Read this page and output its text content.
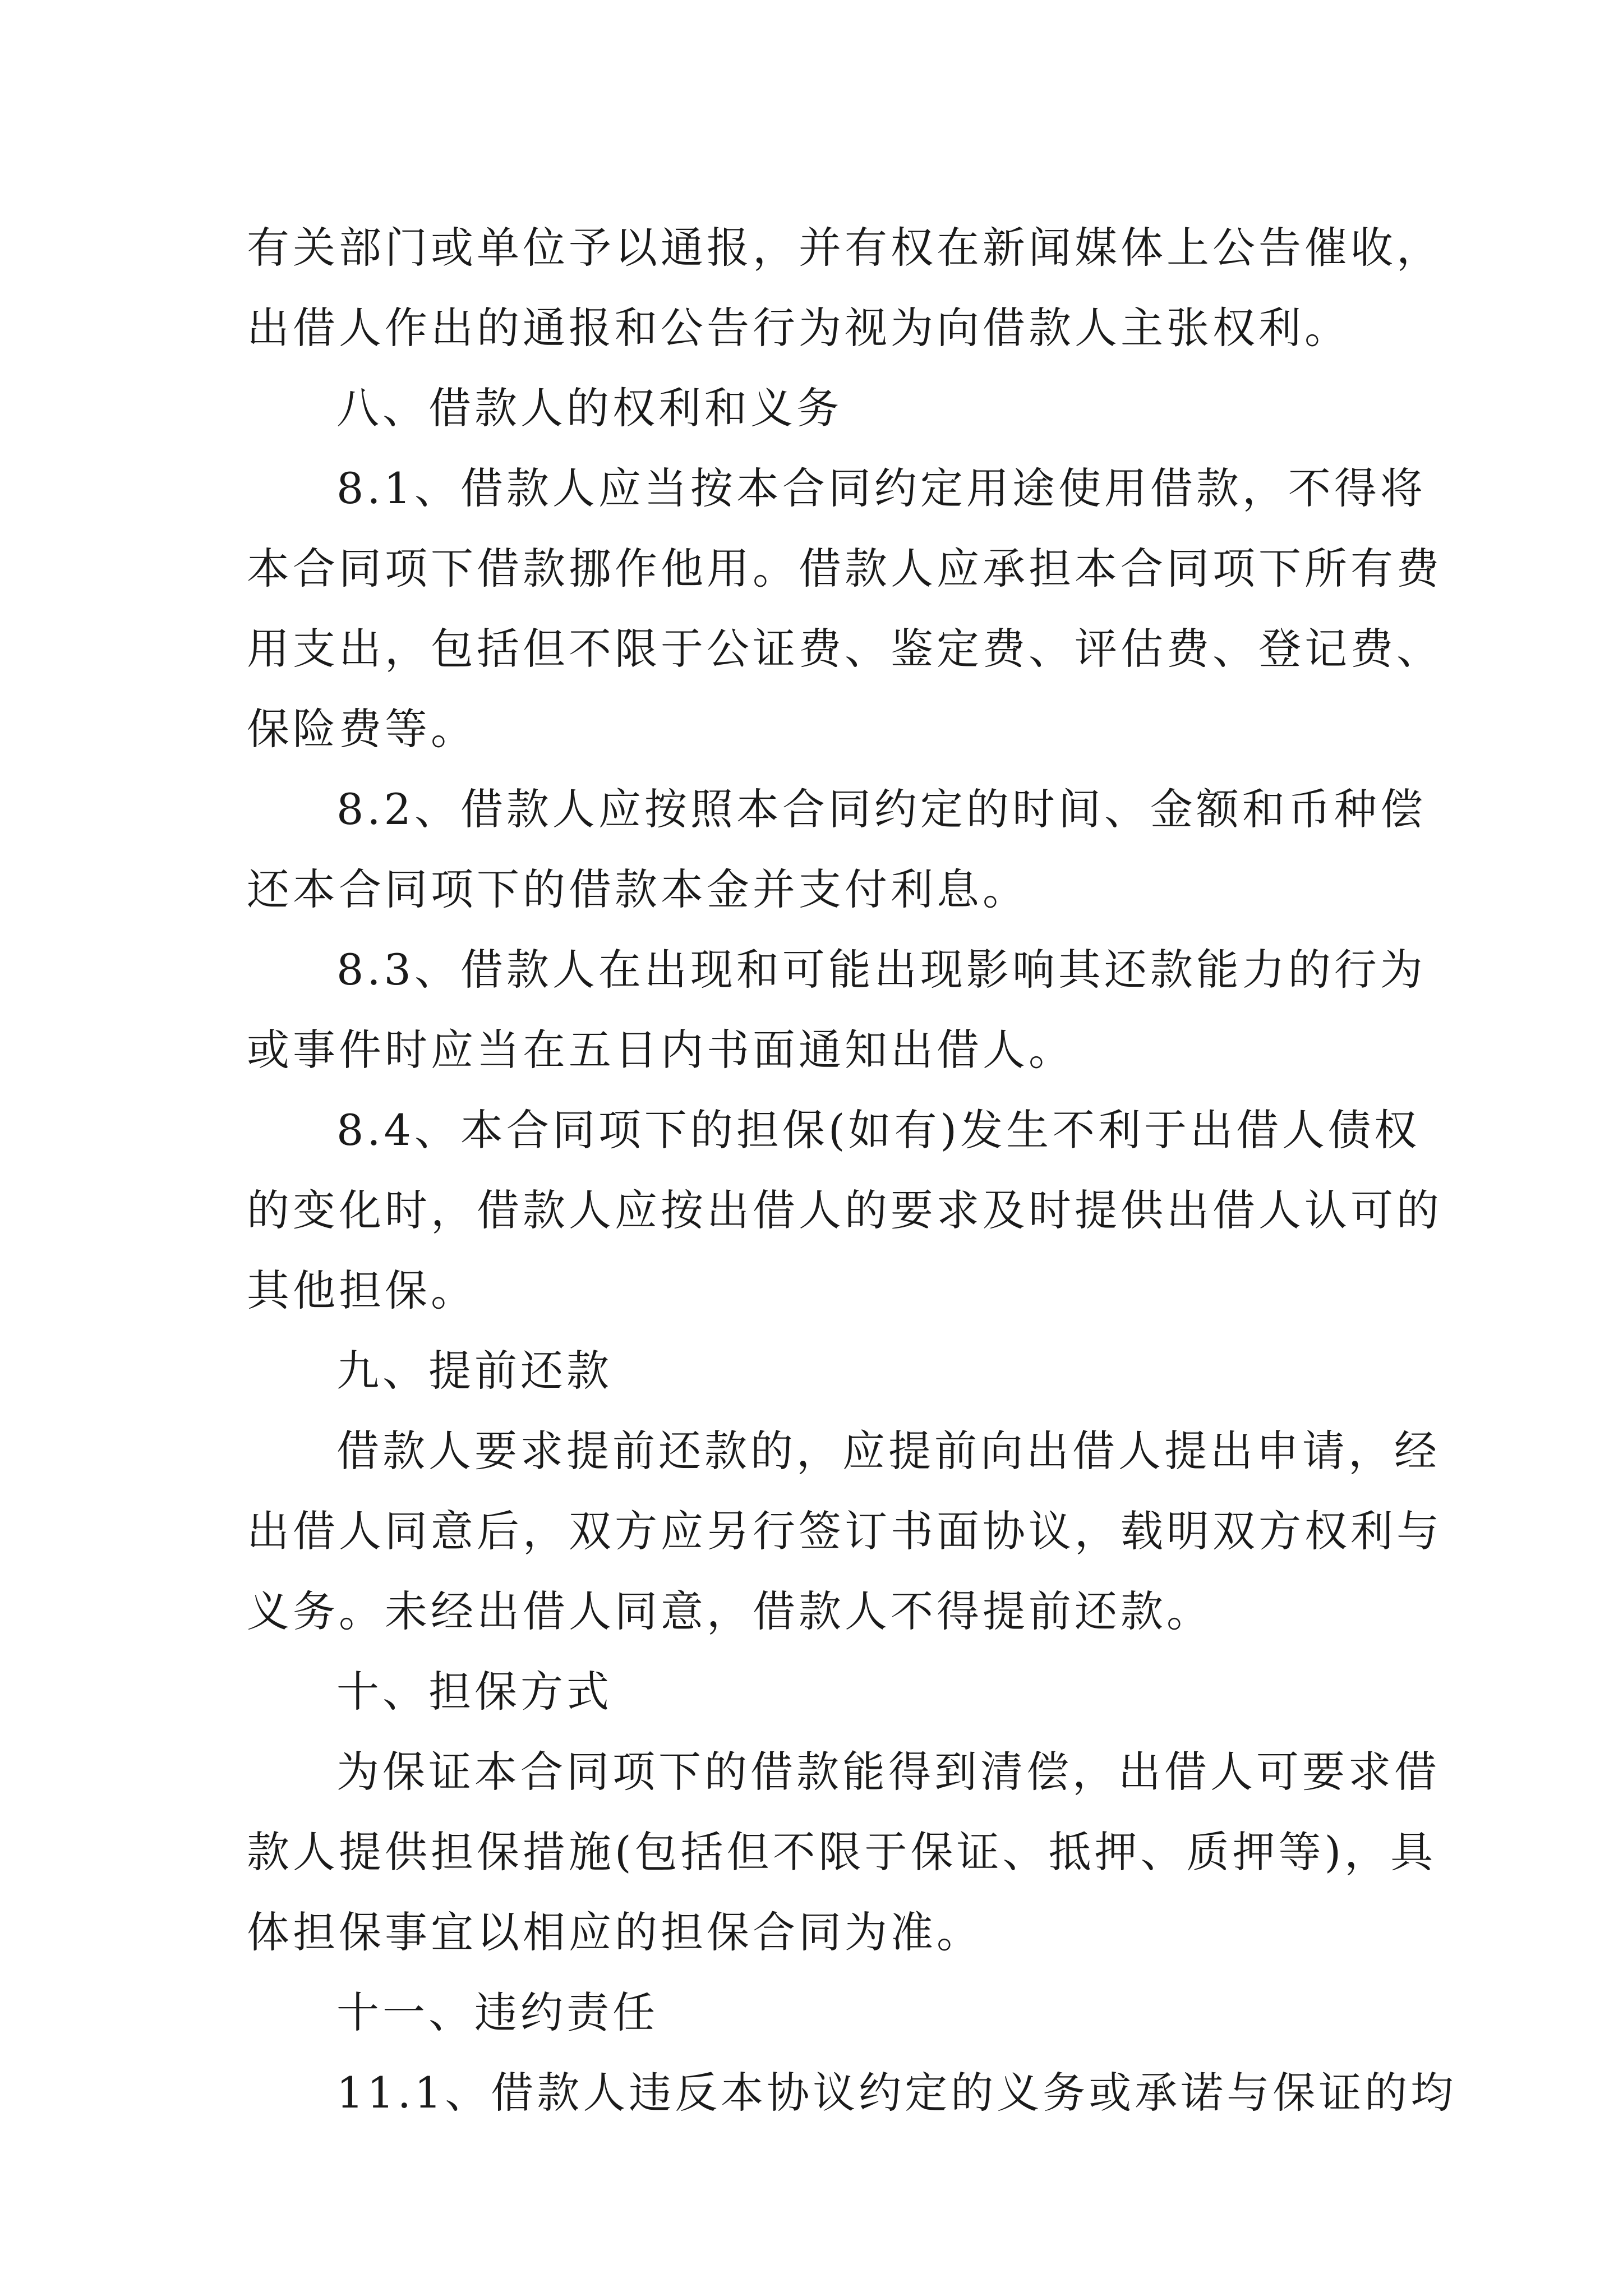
有关部门或单位予以通报，并有权在新闻媒体上公告催收，
出借人作出的通报和公告行为视为向借款人主张权利。
八、借款人的权利和义务
8.1、借款人应当按本合同约定用途使用借款，不得将
本合同项下借款挪作他用。借款人应承担本合同项下所有费
用支出，包括但不限于公证费、鉴定费、评估费、登记费、
保险费等。
8.2、借款人应按照本合同约定的时间、金额和币种偿
还本合同项下的借款本金并支付利息。
8.3、借款人在出现和可能出现影响其还款能力的行为
或事件时应当在五日内书面通知出借人。
8.4、本合同项下的担保(如有)发生不利于出借人债权
的变化时，借款人应按出借人的要求及时提供出借人认可的
其他担保。
九、提前还款
借款人要求提前还款的，应提前向出借人提出申请，经
出借人同意后，双方应另行签订书面协议，载明双方权利与
义务。未经出借人同意，借款人不得提前还款。
十、担保方式
为保证本合同项下的借款能得到清偿，出借人可要求借
款人提供担保措施(包括但不限于保证、抵押、质押等)，具
体担保事宜以相应的担保合同为准。
十一、违约责任
11.1、借款人违反本协议约定的义务或承诺与保证的均
